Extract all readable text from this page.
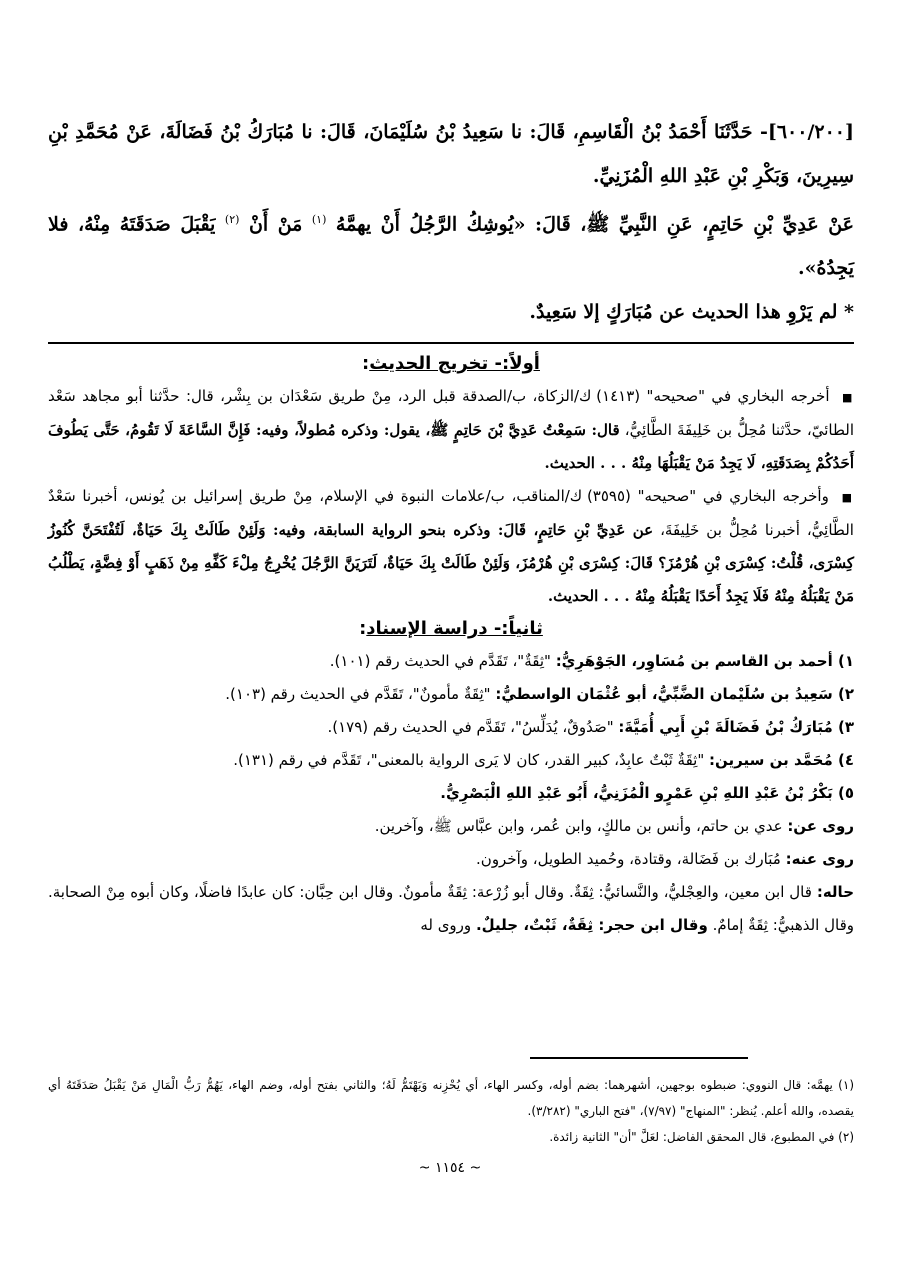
[٦٠٠/٢٠٠]- حَدَّثَنَا أَحْمَدُ بْنُ الْقَاسِمِ، قَالَ: نا سَعِيدُ بْنُ سُلَيْمَانَ، قَالَ: نا مُبَارَكُ بْنُ فَضَالَةَ، عَنْ مُحَمَّدِ بْنِ سِيرِينَ، وَبَكْرِ بْنِ عَبْدِ اللهِ الْمُزَنِيِّ.

عَنْ عَدِيِّ بْنِ حَاتِمٍ، عَنِ النَّبِيِّ ﷺ، قَالَ: «يُوشِكُ الرَّجُلُ أَنْ يهمَّهُ $^{(١)}$ مَنْ أَنْ $^{(٢)}$ يَقْبَلَ صَدَقَتَهُ مِنْهُ، فلا يَجِدُهُ».

* لم يَرْوِ هذا الحديث عن مُبَارَكٍ إلا سَعِيدٌ.

أولاً:- تخريج الحديث:

■ أخرجه البخاري في "صحيحه" (١٤١٣) ك/الزكاة، ب/الصدقة قبل الرد، مِنْ طريق سَعْدَان بن بِشْر، قال: حدَّثنا أبو مجاهد سَعْد الطائيّ، حدَّثنا مُحِلُّ بن خَلِيفَةَ الطَّائِيُّ، قال: سَمِعْتُ عَدِيَّ بْنَ حَاتِمٍ ﷺ، يقول: وذكره مُطولاً، وفيه: فَإِنَّ السَّاعَةَ لَا تَقُومُ، حَتَّى يَطُوفَ أَحَدُكُمْ بِصَدَقَتِهِ، لَا يَجِدُ مَنْ يَقْبَلُهَا مِنْهُ . . . الحديث.

■ وأخرجه البخاري في "صحيحه" (٣٥٩٥) ك/المناقب، ب/علامات النبوة في الإسلام، مِنْ طريق إسرائيل بن يُونس، أخبرنا سَعْدٌ الطَّائِيُّ، أخبرنا مُحِلُّ بن خَلِيفَةَ، عن عَدِيِّ بْنِ حَاتِمٍ، قَالَ: وذكره بنحو الرواية السابقة، وفيه: وَلَئِنْ طَالَتْ بِكَ حَيَاةٌ، لَتُفْتَحَنَّ كُنُوزُ كِسْرَى، قُلْتُ: كِسْرَى بْنِ هُرْمُزَ؟ قَالَ: كِسْرَى بْنِ هُرْمُزَ، وَلَئِنْ طَالَتْ بِكَ حَيَاةٌ، لَتَرَيَنَّ الرَّجُلَ يُخْرِجُ مِلْءَ كَفِّهِ مِنْ ذَهَبٍ أَوْ فِضَّةٍ، يَطْلُبُ مَنْ يَقْبَلُهُ مِنْهُ فَلَا يَجِدُ أَحَدًا يَقْبَلُهُ مِنْهُ . . . الحديث.

ثانياً:- دراسة الإسناد:

١) أحمد بن القاسم بن مُسَاوِر، الجَوْهَرِيُّ: "ثِقَةٌ"، تَقَدَّم في الحديث رقم (١٠١).
٢) سَعِيدُ بن سُلَيْمان الضَّبِّيُّ، أبو عُثْمَان الواسطيُّ: "ثِقَةٌ مأمونٌ"، تَقَدَّم في الحديث رقم (١٠٣).
٣) مُبَارَكُ بْنُ فَضَالَةَ بْنِ أَبِي أُمَيَّةَ: "صَدُوقٌ، يُدَلِّسُ"، تَقَدَّم في الحديث رقم (١٧٩).
٤) مُحَمَّد بن سيرين: "ثِقَةٌ ثَبْتٌ عابِدٌ، كبير القدر، كان لا يَرى الرواية بالمعنى"، تَقَدَّم في رقم (١٣١).
٥) بَكْرُ بْنُ عَبْدِ اللهِ بْنِ عَمْرٍو الْمُزَنِيُّ، أَبُو عَبْدِ اللهِ الْبَصْرِيُّ.

روى عن: عدي بن حاتم، وأنس بن مالكٍ، وابن عُمر، وابن عبَّاس ﷺ، وآخرين.

روى عنه: مُبَارك بن فَضَالة، وقتادة، وحُميد الطويل، وآخرون.

حاله: قال ابن معين، والعِجْليُّ، والنَّسائيُّ: ثِقَةٌ. وقال أبو زُرْعة: ثِقَةٌ مأمونٌ. وقال ابن حِبَّان: كان عابدًا فاضلًا، وكان أبوه مِنْ الصحابة. وقال الذهبيُّ: ثِقَةٌ إمامٌ. وقال ابن حجر: ثِقَةٌ، ثَبْتٌ، جليلٌ. وروى له

(١) يهمَّه: قال النووي: ضبطوه بوجهين، أشهرهما: بضم أوله، وكسر الهاء، أي يُحْزِنه وَيَهْتَمُّ لَهُ؛ والثاني بفتح أوله، وضم الهاء، يَهُمُّ رَبُّ الْمَالِ مَنْ يَقْبَلُ صَدَقَتَهُ أي يقصده، والله أعلم. يُنظر: "المنهاج" (٧/٩٧)، "فتح الباري" (٣/٢٨٢).

(٢) في المطبوع، قال المحقق الفاضل: لعَلَّ "أن" الثانية زائدة.

~ ١١٥٤ ~
